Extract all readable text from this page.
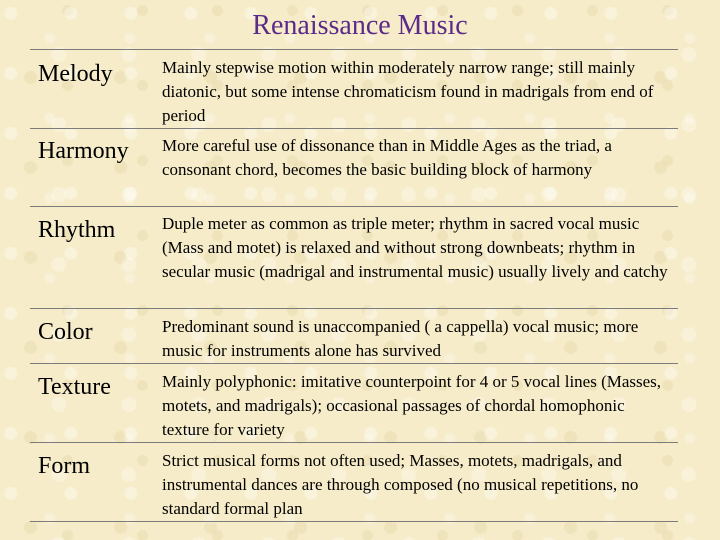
Renaissance Music
Melody	Mainly stepwise motion within moderately narrow range; still mainly diatonic, but some intense chromaticism found in madrigals from end of period
Harmony	More careful use of dissonance than in Middle Ages as the triad, a consonant chord, becomes the basic building block of harmony
Rhythm	Duple meter as common as triple meter; rhythm in sacred vocal music (Mass and motet) is relaxed and without strong downbeats; rhythm in secular music (madrigal and instrumental music) usually lively and catchy
Color	Predominant sound is unaccompanied ( a cappella) vocal music; more music for instruments alone has survived
Texture	Mainly polyphonic: imitative counterpoint for 4 or 5 vocal lines (Masses, motets, and madrigals); occasional passages of chordal homophonic texture for variety
Form	Strict musical forms not often used; Masses, motets, madrigals, and instrumental dances are through composed (no musical repetitions, no standard formal plan
